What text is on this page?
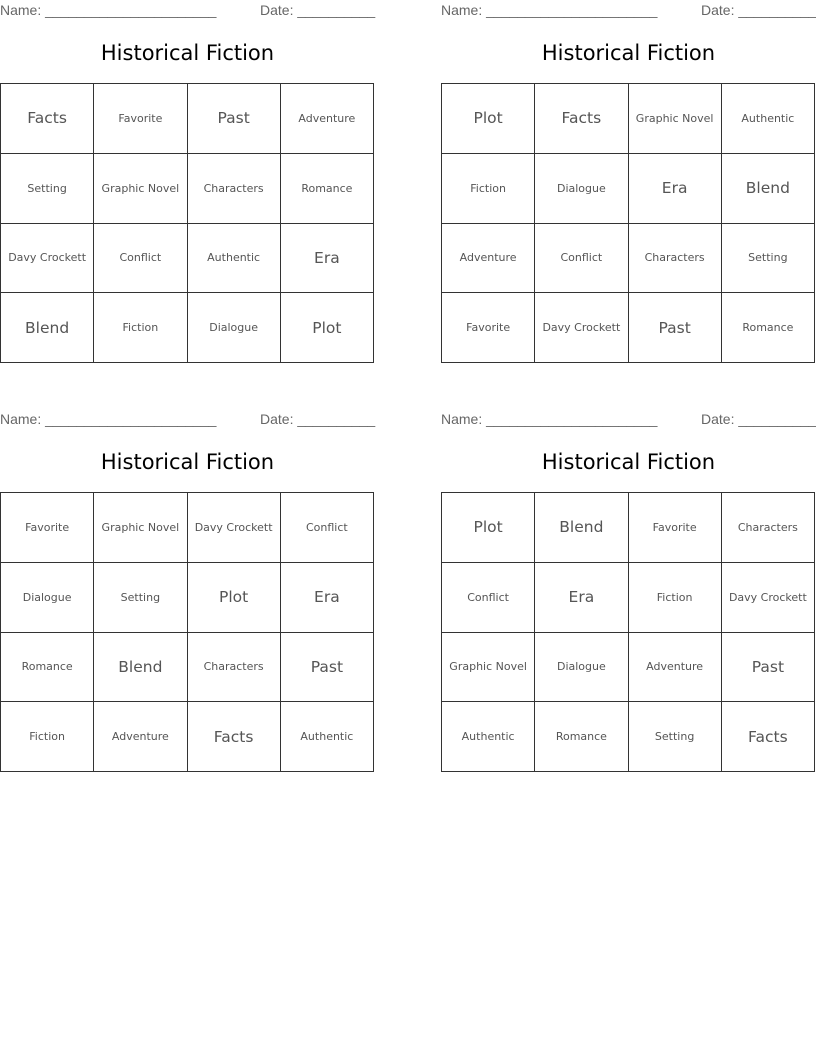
Name: ______________________	Date: __________
Historical Fiction
Facts	Favorite	Past	Adventure
Setting	Graphic Novel	Characters	Romance
Davy Crockett	Conflict	Authentic	Era
Blend	Fiction	Dialogue	Plot
Name: ______________________	Date: __________
Historical Fiction
Plot	Facts	Graphic Novel	Authentic
Fiction	Dialogue	Era	Blend
Adventure	Conflict	Characters	Setting
Favorite	Davy Crockett	Past	Romance
Name: ______________________	Date: __________
Historical Fiction
Favorite	Graphic Novel	Davy Crockett	Conflict
Dialogue	Setting	Plot	Era
Romance	Blend	Characters	Past
Fiction	Adventure	Facts	Authentic
Name: ______________________	Date: __________
Historical Fiction
Plot	Blend	Favorite	Characters
Conflict	Era	Fiction	Davy Crockett
Graphic Novel	Dialogue	Adventure	Past
Authentic	Romance	Setting	Facts
